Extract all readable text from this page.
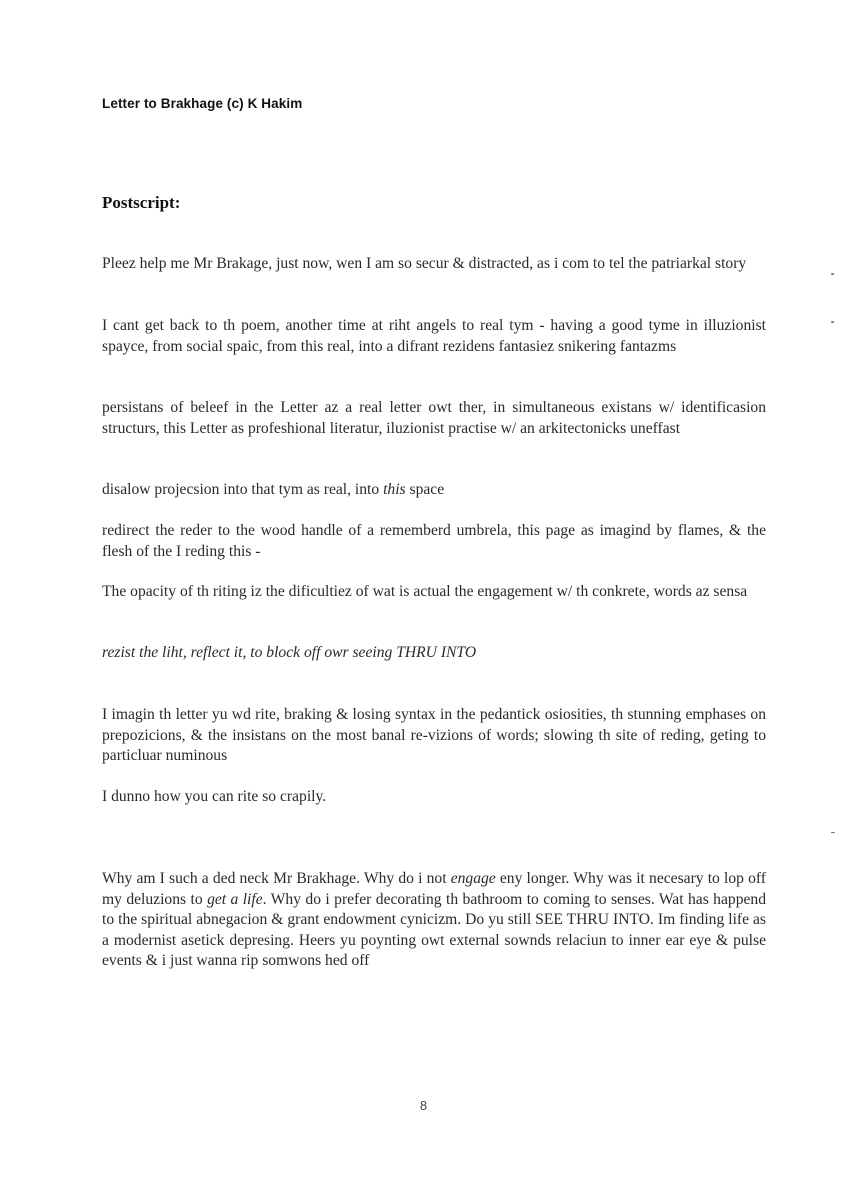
Letter to Brakhage (c) K Hakim
Postscript:

Pleez help me Mr Brakage, just now, wen I am so secur & distracted, as i com to tel the patriarkal story

I cant get back to th poem, another time at riht angels to real tym - having a good tyme in illuzionist spayce, from social spaic, from this real, into a difrant rezidens fantasiez snikering fantazms

persistans of beleef in the Letter az a real letter owt ther, in simultaneous existans w/ identificasion structurs, this Letter as profeshional literatur, iluzionist practise w/ an arkitectonicks uneffast

disalow projecsion into that tym as real, into this space

redirect the reder to the wood handle of a rememberd umbrela, this page as imagind by flames, & the flesh of the I reding this -

The opacity of th riting iz the dificultiez of wat is actual the engagement w/ th conkrete, words az sensa

rezist the liht, reflect it, to block off owr seeing THRU INTO

I imagin th letter yu wd rite, braking & losing syntax in the pedantick osiosities, th stunning emphases on prepozicions, & the insistans on the most banal re-vizions of words; slowing th site of reding, geting to particluar numinous

I dunno how you can rite so crapily.

Why am I such a ded neck Mr Brakhage. Why do i not engage eny longer. Why was it necesary to lop off my deluzions to get a life. Why do i prefer decorating th bathroom to coming to senses. Wat has happend to the spiritual abnegacion & grant endowment cynicizm. Do yu still SEE THRU INTO. Im finding life as a modernist asetick depresing. Heers yu poynting owt external sownds relaciun to inner ear eye & pulse events & i just wanna rip somwons hed off

8
